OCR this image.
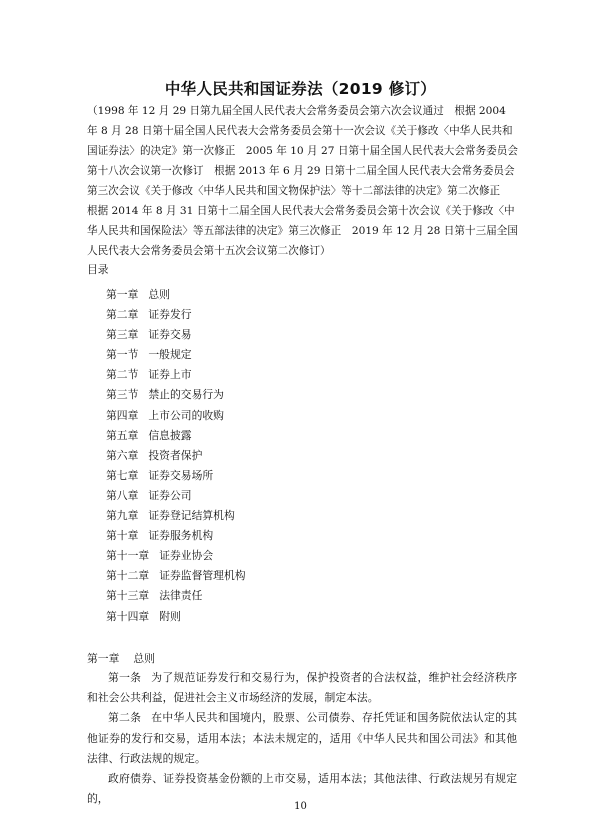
中华人民共和国证券法（2019 修订）

（1998 年 12 月 29 日第九届全国人民代表大会常务委员会第六次会议通过　根据 2004 年 8 月 28 日第十届全国人民代表大会常务委员会第十一次会议《关于修改〈中华人民共和国证券法〉的决定》第一次修正　2005 年 10 月 27 日第十届全国人民代表大会常务委员会第十八次会议第一次修订　根据 2013 年 6 月 29 日第十二届全国人民代表大会常务委员会第三次会议《关于修改〈中华人民共和国文物保护法〉等十二部法律的决定》第二次修正　根据 2014 年 8 月 31 日第十二届全国人民代表大会常务委员会第十次会议《关于修改〈中华人民共和国保险法〉等五部法律的决定》第三次修正　2019 年 12 月 28 日第十三届全国人民代表大会常务委员会第十五次会议第二次修订）

目录

第一章 总则
第二章 证券发行
第三章 证券交易
第一节 一般规定
第二节 证券上市
第三节 禁止的交易行为
第四章 上市公司的收购
第五章 信息披露
第六章 投资者保护
第七章 证券交易场所
第八章 证券公司
第九章 证券登记结算机构
第十章 证券服务机构
第十一章 证券业协会
第十二章 证券监督管理机构
第十三章 法律责任
第十四章 附则

第一章 总则

第一条 为了规范证券发行和交易行为，保护投资者的合法权益，维护社会经济秩序和社会公共利益，促进社会主义市场经济的发展，制定本法。

第二条 在中华人民共和国境内，股票、公司债券、存托凭证和国务院依法认定的其他证券的发行和交易，适用本法；本法未规定的，适用《中华人民共和国公司法》和其他法律、行政法规的规定。

政府债券、证券投资基金份额的上市交易，适用本法；其他法律、行政法规另有规定的，

10
